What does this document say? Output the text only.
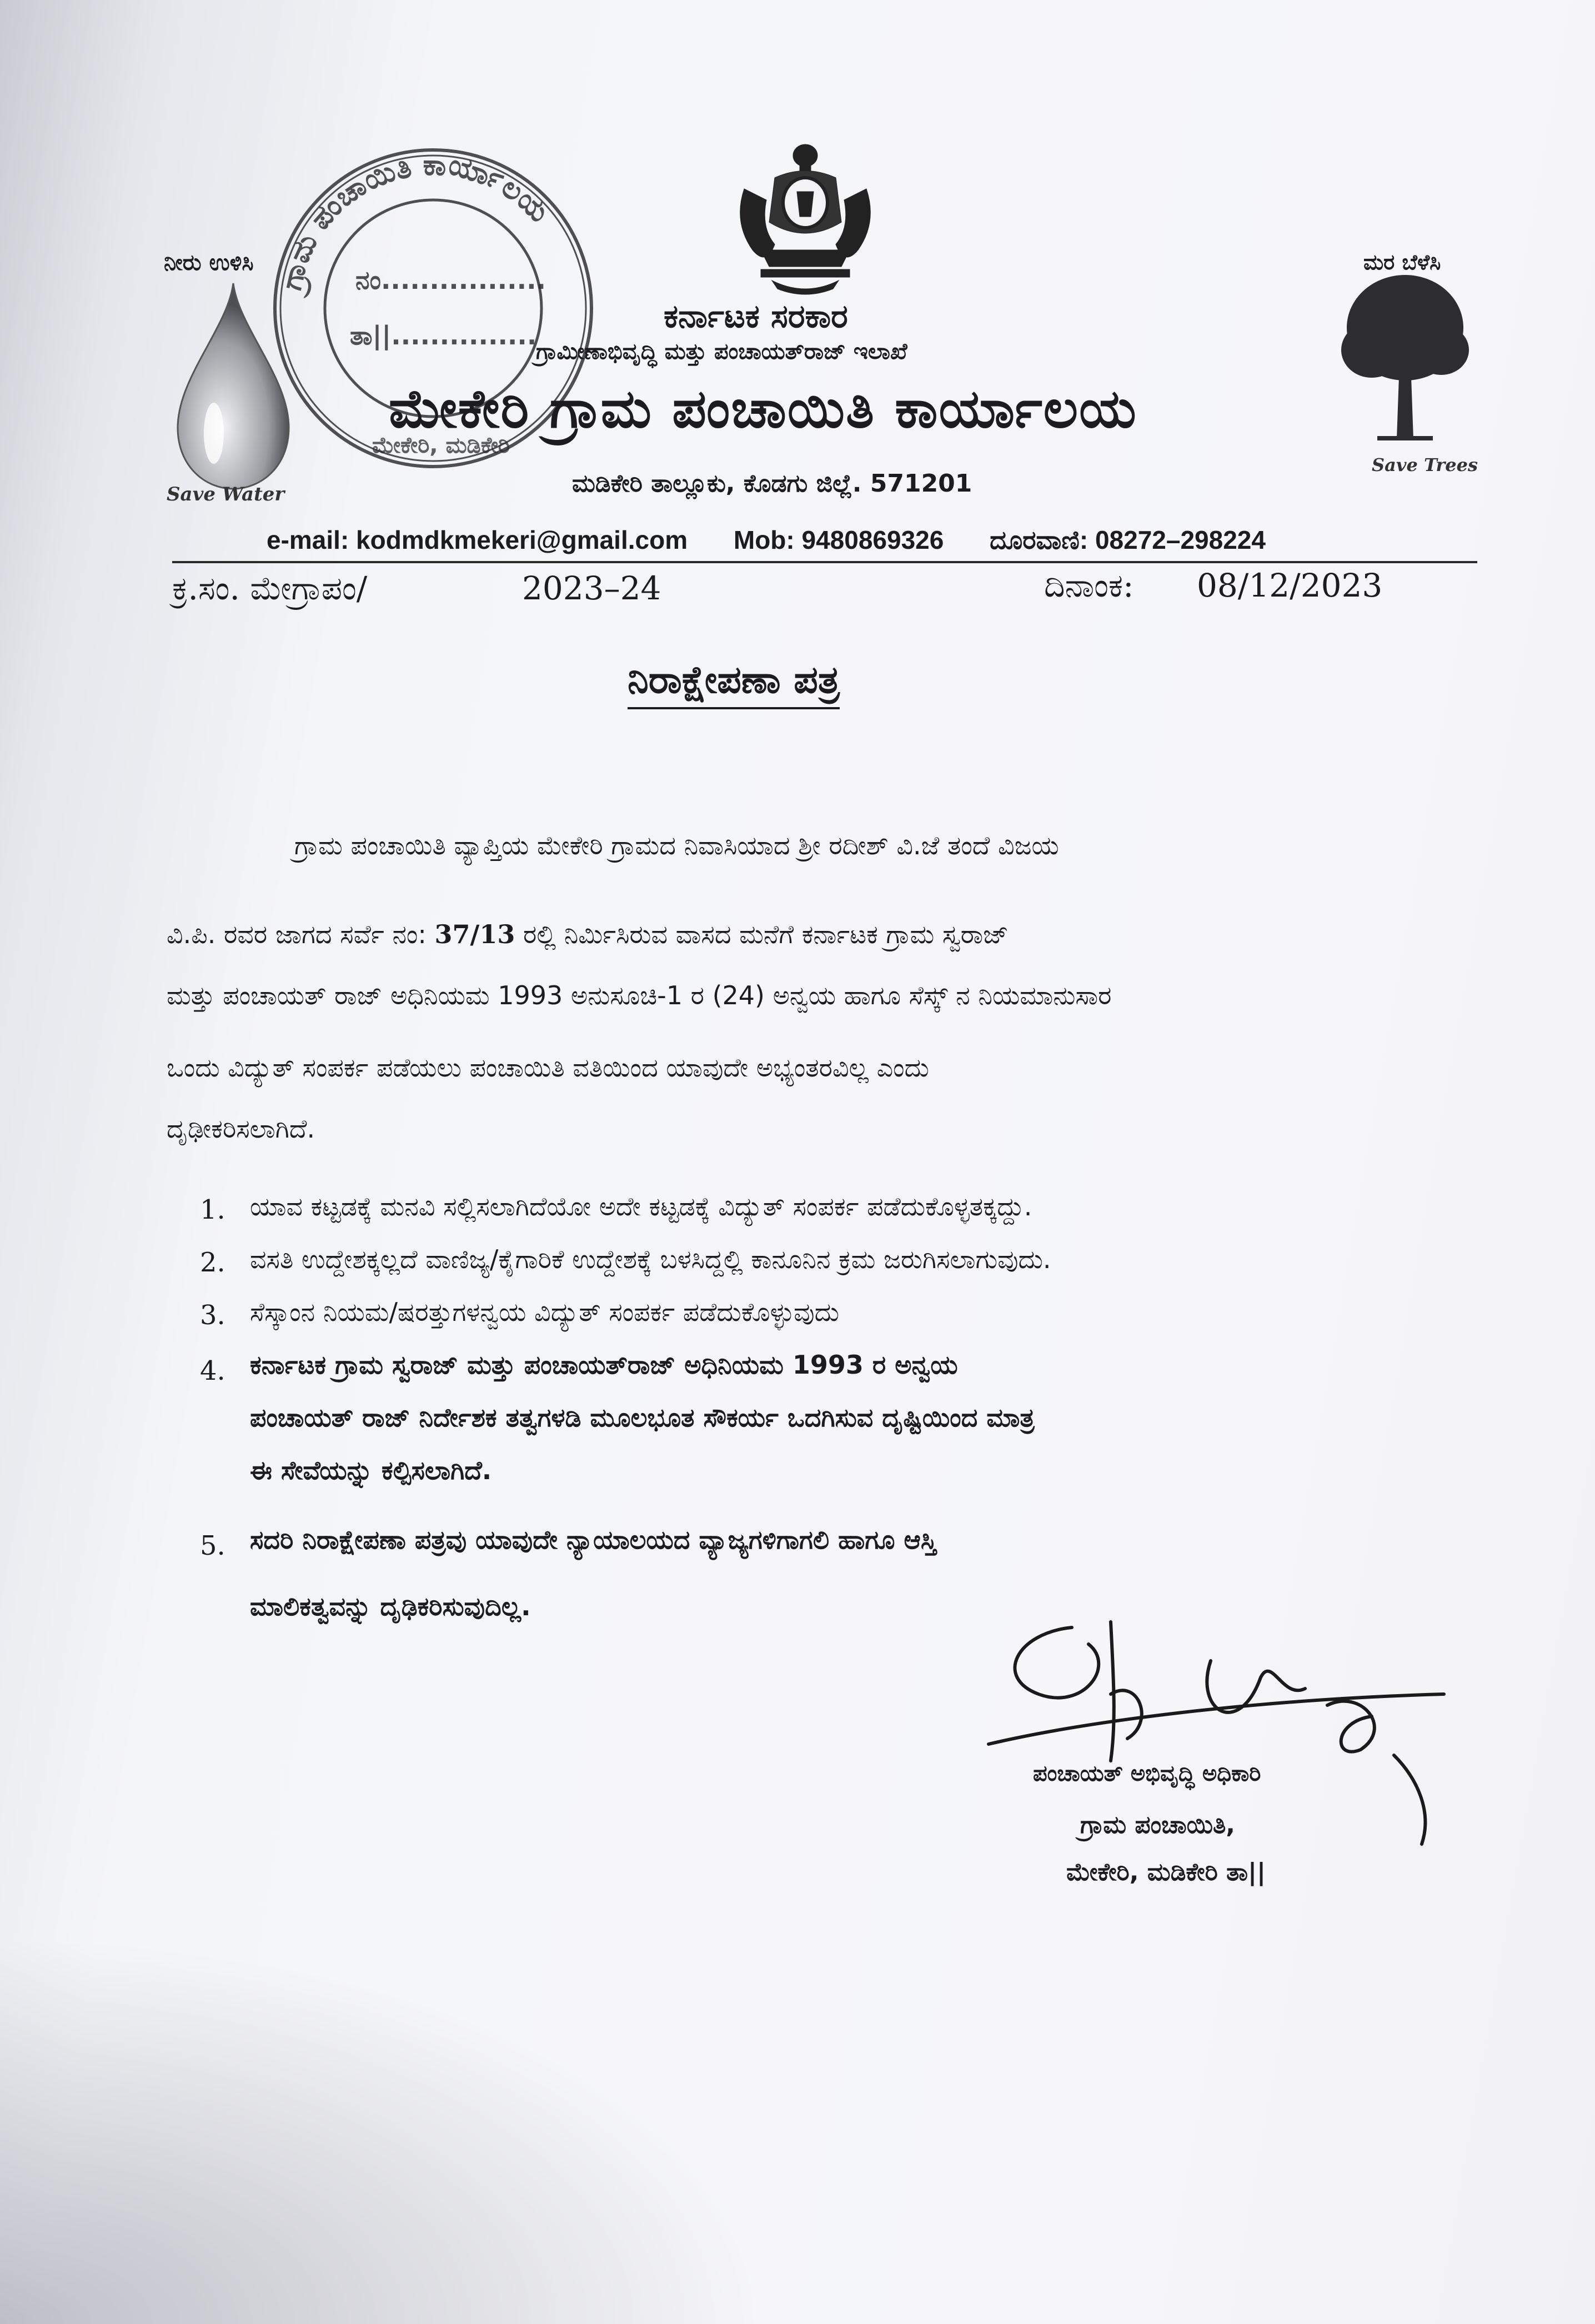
ನೀರು ಉಳಿಸಿ
Save Water
ಗ್ರಾಮ ಪಂಚಾಯಿತಿ ಕಾರ್ಯಾಲಯ
ನಂ.................
ತಾ||...............
ಮೇಕೇರಿ, ಮಡಿಕೇರಿ
ಮರ ಬೆಳೆಸಿ
Save Trees
ಕರ್ನಾಟಕ ಸರಕಾರ
ಗ್ರಾಮೀಣಾಭಿವೃದ್ಧಿ ಮತ್ತು ಪಂಚಾಯತ್‌ರಾಜ್ ಇಲಾಖೆ
ಮೇಕೇರಿ ಗ್ರಾಮ ಪಂಚಾಯಿತಿ ಕಾರ್ಯಾಲಯ
ಮಡಿಕೇರಿ ತಾಲ್ಲೂಕು, ಕೊಡಗು ಜಿಲ್ಲೆ. 571201
e-mail: kodmdkmekeri@gmail.com Mob: 9480869326 ದೂರವಾಣಿ: 08272–298224
ಕ್ರ.ಸಂ. ಮೇಗ್ರಾಪಂ/	2023–24	ದಿನಾಂಕ: 08/12/2023
ನಿರಾಕ್ಷೇಪಣಾ ಪತ್ರ
ಗ್ರಾಮ ಪಂಚಾಯಿತಿ ವ್ಯಾಪ್ತಿಯ ಮೇಕೇರಿ ಗ್ರಾಮದ ನಿವಾಸಿಯಾದ ಶ್ರೀ ರದೀಶ್ ವಿ.ಜೆ ತಂದೆ ವಿಜಯ
ವಿ.ಪಿ. ರವರ ಜಾಗದ ಸರ್ವೆ ನಂ: 37/13 ರಲ್ಲಿ ನಿರ್ಮಿಸಿರುವ ವಾಸದ ಮನೆಗೆ ಕರ್ನಾಟಕ ಗ್ರಾಮ ಸ್ವರಾಜ್
ಮತ್ತು ಪಂಚಾಯತ್ ರಾಜ್ ಅಧಿನಿಯಮ 1993 ಅನುಸೂಚಿ-1 ರ (24) ಅನ್ವಯ ಹಾಗೂ ಸೆಸ್ಕ್ ನ ನಿಯಮಾನುಸಾರ
ಒಂದು ವಿದ್ಯುತ್ ಸಂಪರ್ಕ ಪಡೆಯಲು ಪಂಚಾಯಿತಿ ವತಿಯಿಂದ ಯಾವುದೇ ಅಭ್ಯಂತರವಿಲ್ಲ ಎಂದು
ದೃಢೀಕರಿಸಲಾಗಿದೆ.
1. ಯಾವ ಕಟ್ಟಡಕ್ಕೆ ಮನವಿ ಸಲ್ಲಿಸಲಾಗಿದೆಯೋ ಅದೇ ಕಟ್ಟಡಕ್ಕೆ ವಿದ್ಯುತ್ ಸಂಪರ್ಕ ಪಡೆದುಕೊಳ್ಳತಕ್ಕದ್ದು.
2. ವಸತಿ ಉದ್ದೇಶಕ್ಕಲ್ಲದೆ ವಾಣಿಜ್ಯ/ಕೈಗಾರಿಕೆ ಉದ್ದೇಶಕ್ಕೆ ಬಳಸಿದ್ದಲ್ಲಿ ಕಾನೂನಿನ ಕ್ರಮ ಜರುಗಿಸಲಾಗುವುದು.
3. ಸೆಸ್ಕಾಂನ ನಿಯಮ/ಷರತ್ತುಗಳನ್ವಯ ವಿದ್ಯುತ್ ಸಂಪರ್ಕ ಪಡೆದುಕೊಳ್ಳುವುದು
4. ಕರ್ನಾಟಕ ಗ್ರಾಮ ಸ್ವರಾಜ್ ಮತ್ತು ಪಂಚಾಯತ್‌ರಾಜ್ ಅಧಿನಿಯಮ 1993 ರ ಅನ್ವಯ
ಪಂಚಾಯತ್ ರಾಜ್ ನಿರ್ದೇಶಕ ತತ್ವಗಳಡಿ ಮೂಲಭೂತ ಸೌಕರ್ಯ ಒದಗಿಸುವ ದೃಷ್ಟಿಯಿಂದ ಮಾತ್ರ
ಈ ಸೇವೆಯನ್ನು ಕಲ್ಪಿಸಲಾಗಿದೆ.
5. ಸದರಿ ನಿರಾಕ್ಷೇಪಣಾ ಪತ್ರವು ಯಾವುದೇ ನ್ಯಾಯಾಲಯದ ವ್ಯಾಜ್ಯಗಳಿಗಾಗಲಿ ಹಾಗೂ ಆಸ್ತಿ
ಮಾಲಿಕತ್ವವನ್ನು ದೃಢಿಕರಿಸುವುದಿಲ್ಲ.
ಪಂಚಾಯತ್ ಅಭಿವೃದ್ಧಿ ಅಧಿಕಾರಿ
ಗ್ರಾಮ ಪಂಚಾಯಿತಿ,
ಮೇಕೇರಿ, ಮಡಿಕೇರಿ ತಾ||
